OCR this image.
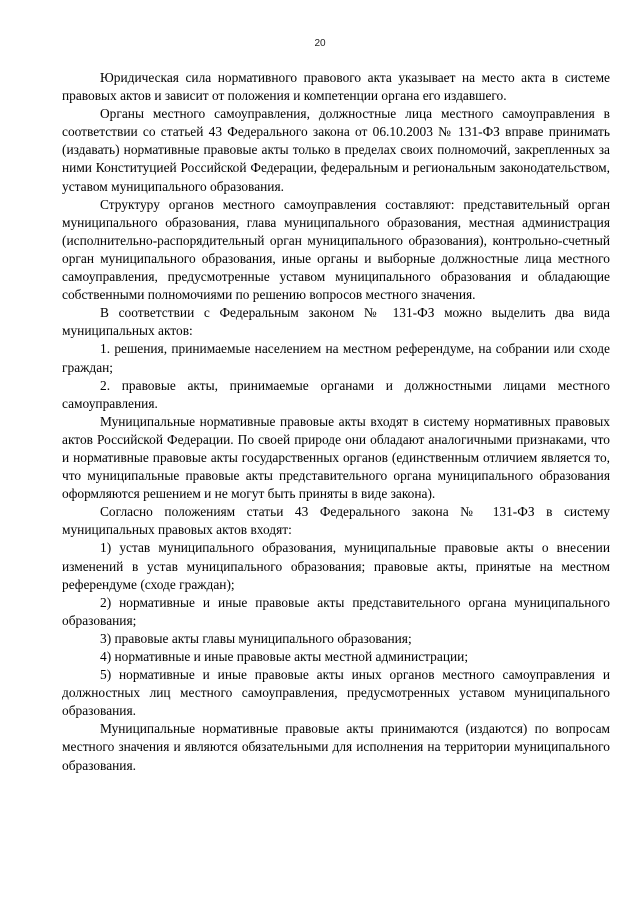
20

Юридическая сила нормативного правового акта указывает на место акта в системе правовых актов и зависит от положения и компетенции органа его издавшего.

Органы местного самоуправления, должностные лица местного самоуправления в соответствии со статьей 43 Федерального закона от 06.10.2003 № 131-ФЗ вправе принимать (издавать) нормативные правовые акты только в пределах своих полномочий, закрепленных за ними Конституцией Российской Федерации, федеральным и региональным законодательством, уставом муниципального образования.

Структуру органов местного самоуправления составляют: представительный орган муниципального образования, глава муниципального образования, местная администрация (исполнительно-распорядительный орган муниципального образования), контрольно-счетный орган муниципального образования, иные органы и выборные должностные лица местного самоуправления, предусмотренные уставом муниципального образования и обладающие собственными полномочиями по решению вопросов местного значения.

В соответствии с Федеральным законом № 131-ФЗ можно выделить два вида муниципальных актов:

1. решения, принимаемые населением на местном референдуме, на собрании или сходе граждан;

2. правовые акты, принимаемые органами и должностными лицами местного самоуправления.

Муниципальные нормативные правовые акты входят в систему нормативных правовых актов Российской Федерации. По своей природе они обладают аналогичными признаками, что и нормативные правовые акты государственных органов (единственным отличием является то, что муниципальные правовые акты представительного органа муниципального образования оформляются решением и не могут быть приняты в виде закона).

Согласно положениям статьи 43 Федерального закона № 131-ФЗ в систему муниципальных правовых актов входят:

1) устав муниципального образования, муниципальные правовые акты о внесении изменений в устав муниципального образования; правовые акты, принятые на местном референдуме (сходе граждан);

2) нормативные и иные правовые акты представительного органа муниципального образования;

3) правовые акты главы муниципального образования;

4) нормативные и иные правовые акты местной администрации;

5) нормативные и иные правовые акты иных органов местного самоуправления и должностных лиц местного самоуправления, предусмотренных уставом муниципального образования.

Муниципальные нормативные правовые акты принимаются (издаются) по вопросам местного значения и являются обязательными для исполнения на территории муниципального образования.
